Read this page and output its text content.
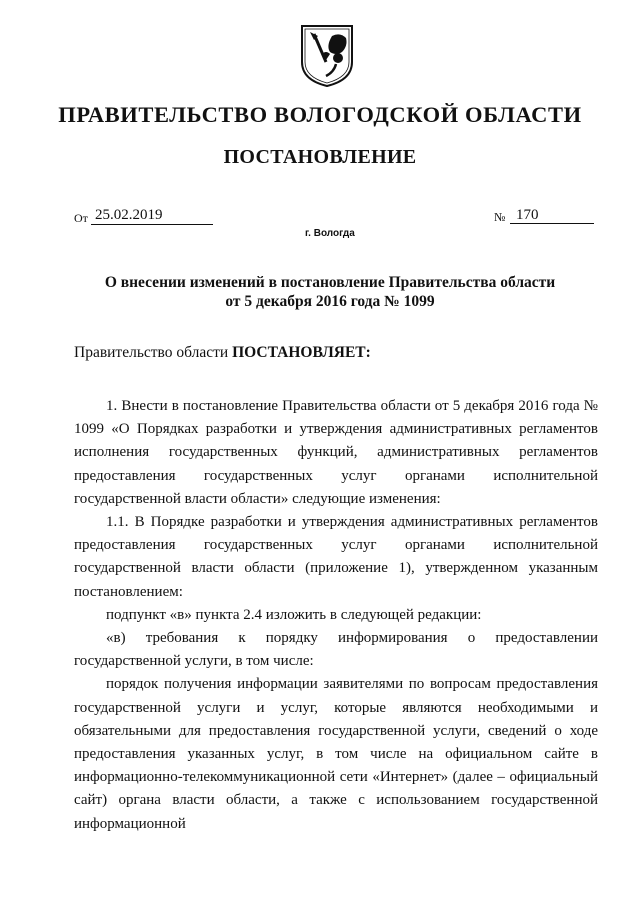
ПРАВИТЕЛЬСТВО ВОЛОГОДСКОЙ ОБЛАСТИ
ПОСТАНОВЛЕНИЕ
От 25.02.2019
г. Вологда
№ 170
О внесении изменений в постановление Правительства области
от 5 декабря 2016 года № 1099
Правительство области ПОСТАНОВЛЯЕТ:

1. Внести в постановление Правительства области от 5 декабря 2016 года № 1099 «О Порядках разработки и утверждения административных регламентов исполнения государственных функций, административных регламентов предоставления государственных услуг органами исполнительной государственной власти области» следующие изменения:

1.1. В Порядке разработки и утверждения административных регламентов предоставления государственных услуг органами исполнительной государственной власти области (приложение 1), утвержденном указанным постановлением:

подпункт «в» пункта 2.4 изложить в следующей редакции:

«в) требования к порядку информирования о предоставлении государственной услуги, в том числе:

порядок получения информации заявителями по вопросам предоставления государственной услуги и услуг, которые являются необходимыми и обязательными для предоставления государственной услуги, сведений о ходе предоставления указанных услуг, в том числе на официальном сайте в информационно-телекоммуникационной сети «Интернет» (далее – официальный сайт) органа власти области, а также с использованием государственной информационной
